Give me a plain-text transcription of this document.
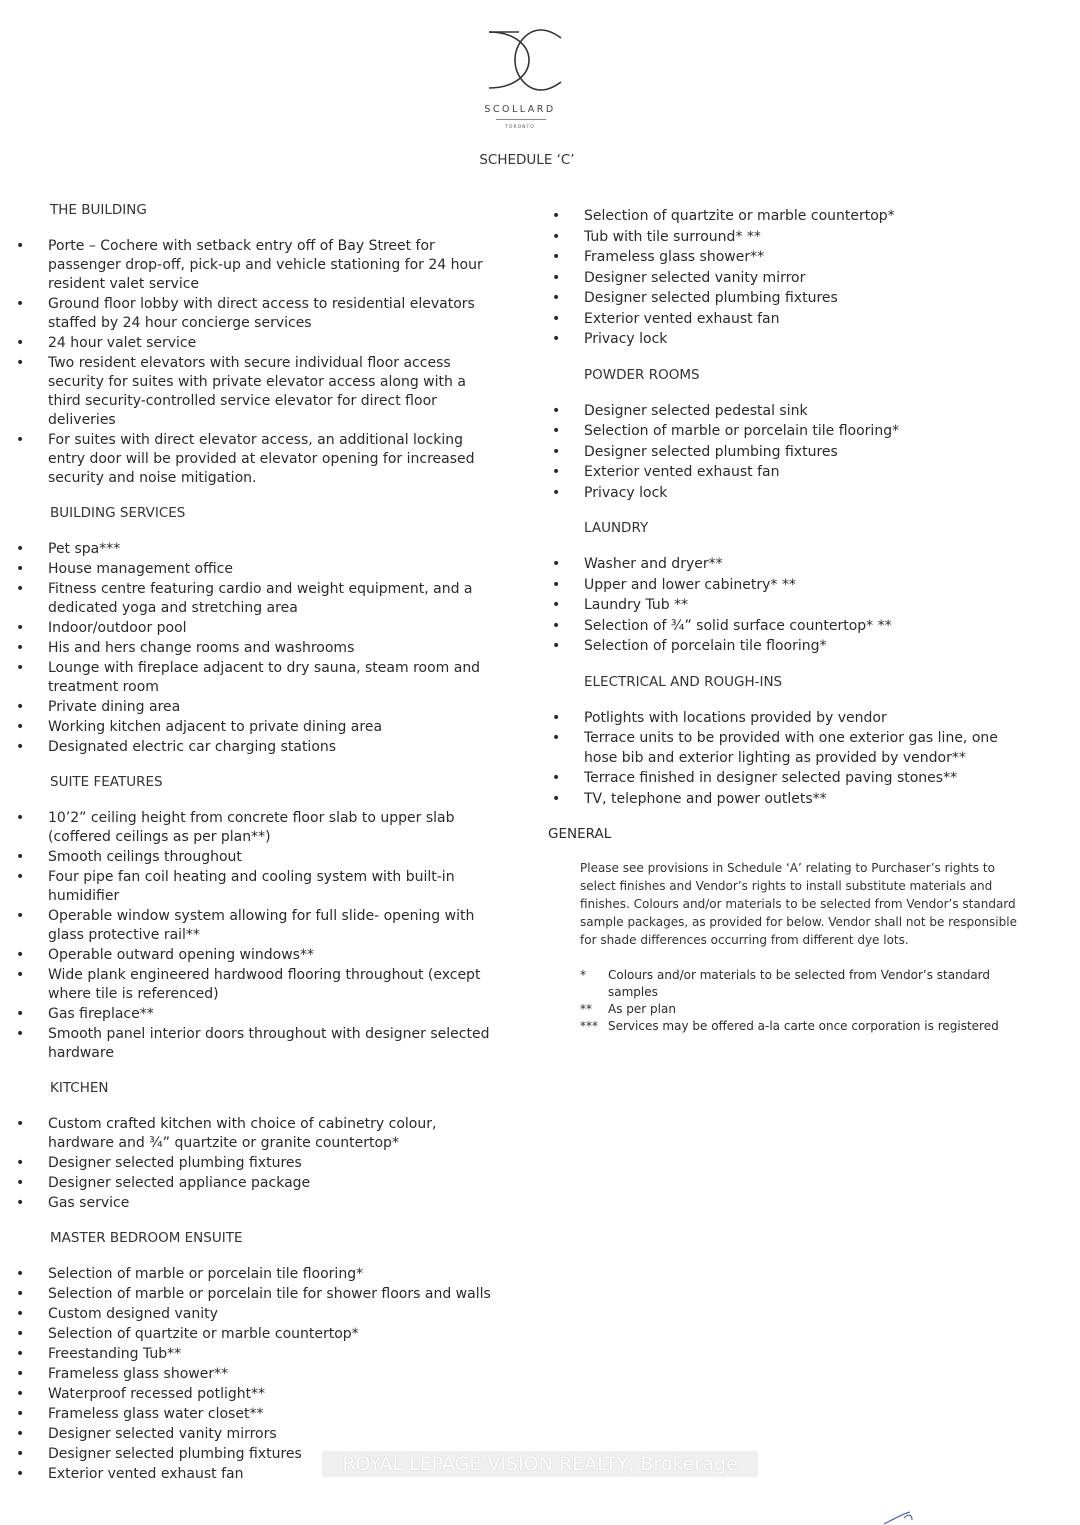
SCOLLARD
TORONTO
SCHEDULE ‘C’
THE BUILDING
• Porte – Cochere with setback entry off of Bay Street for passenger drop-off, pick-up and vehicle stationing for 24 hour resident valet service
• Ground floor lobby with direct access to residential elevators staffed by 24 hour concierge services
• 24 hour valet service
• Two resident elevators with secure individual floor access security for suites with private elevator access along with a third security-controlled service elevator for direct floor deliveries
• For suites with direct elevator access, an additional locking entry door will be provided at elevator opening for increased security and noise mitigation.
BUILDING SERVICES
• Pet spa***
• House management office
• Fitness centre featuring cardio and weight equipment, and a dedicated yoga and stretching area
• Indoor/outdoor pool
• His and hers change rooms and washrooms
• Lounge with fireplace adjacent to dry sauna, steam room and treatment room
• Private dining area
• Working kitchen adjacent to private dining area
• Designated electric car charging stations
SUITE FEATURES
• 10’2” ceiling height from concrete floor slab to upper slab (coffered ceilings as per plan**)
• Smooth ceilings throughout
• Four pipe fan coil heating and cooling system with built-in humidifier
• Operable window system allowing for full slide- opening with glass protective rail**
• Operable outward opening windows**
• Wide plank engineered hardwood flooring throughout (except where tile is referenced)
• Gas fireplace**
• Smooth panel interior doors throughout with designer selected hardware
KITCHEN
• Custom crafted kitchen with choice of cabinetry colour, hardware and ¾” quartzite or granite countertop*
• Designer selected plumbing fixtures
• Designer selected appliance package
• Gas service
MASTER BEDROOM ENSUITE
• Selection of marble or porcelain tile flooring*
• Selection of marble or porcelain tile for shower floors and walls
• Custom designed vanity
• Selection of quartzite or marble countertop*
• Freestanding Tub**
• Frameless glass shower**
• Waterproof recessed potlight**
• Frameless glass water closet**
• Designer selected vanity mirrors
• Designer selected plumbing fixtures
• Exterior vented exhaust fan
• Selection of quartzite or marble countertop*
• Tub with tile surround* **
• Frameless glass shower**
• Designer selected vanity mirror
• Designer selected plumbing fixtures
• Exterior vented exhaust fan
• Privacy lock
POWDER ROOMS
• Designer selected pedestal sink
• Selection of marble or porcelain tile flooring*
• Designer selected plumbing fixtures
• Exterior vented exhaust fan
• Privacy lock
LAUNDRY
• Washer and dryer**
• Upper and lower cabinetry* **
• Laundry Tub **
• Selection of ¾” solid surface countertop* **
• Selection of porcelain tile flooring*
ELECTRICAL AND ROUGH-INS
• Potlights with locations provided by vendor
• Terrace units to be provided with one exterior gas line, one hose bib and exterior lighting as provided by vendor**
• Terrace finished in designer selected paving stones**
• TV, telephone and power outlets**
GENERAL
Please see provisions in Schedule ‘A’ relating to Purchaser’s rights to select finishes and Vendor’s rights to install substitute materials and finishes. Colours and/or materials to be selected from Vendor’s standard sample packages, as provided for below. Vendor shall not be responsible for shade differences occurring from different dye lots.
*	Colours and/or materials to be selected from Vendor’s standard samples
**	As per plan
*** Services may be offered a-la carte once corporation is registered
ROYAL LEPAGE VISION REALTY, Brokerage
